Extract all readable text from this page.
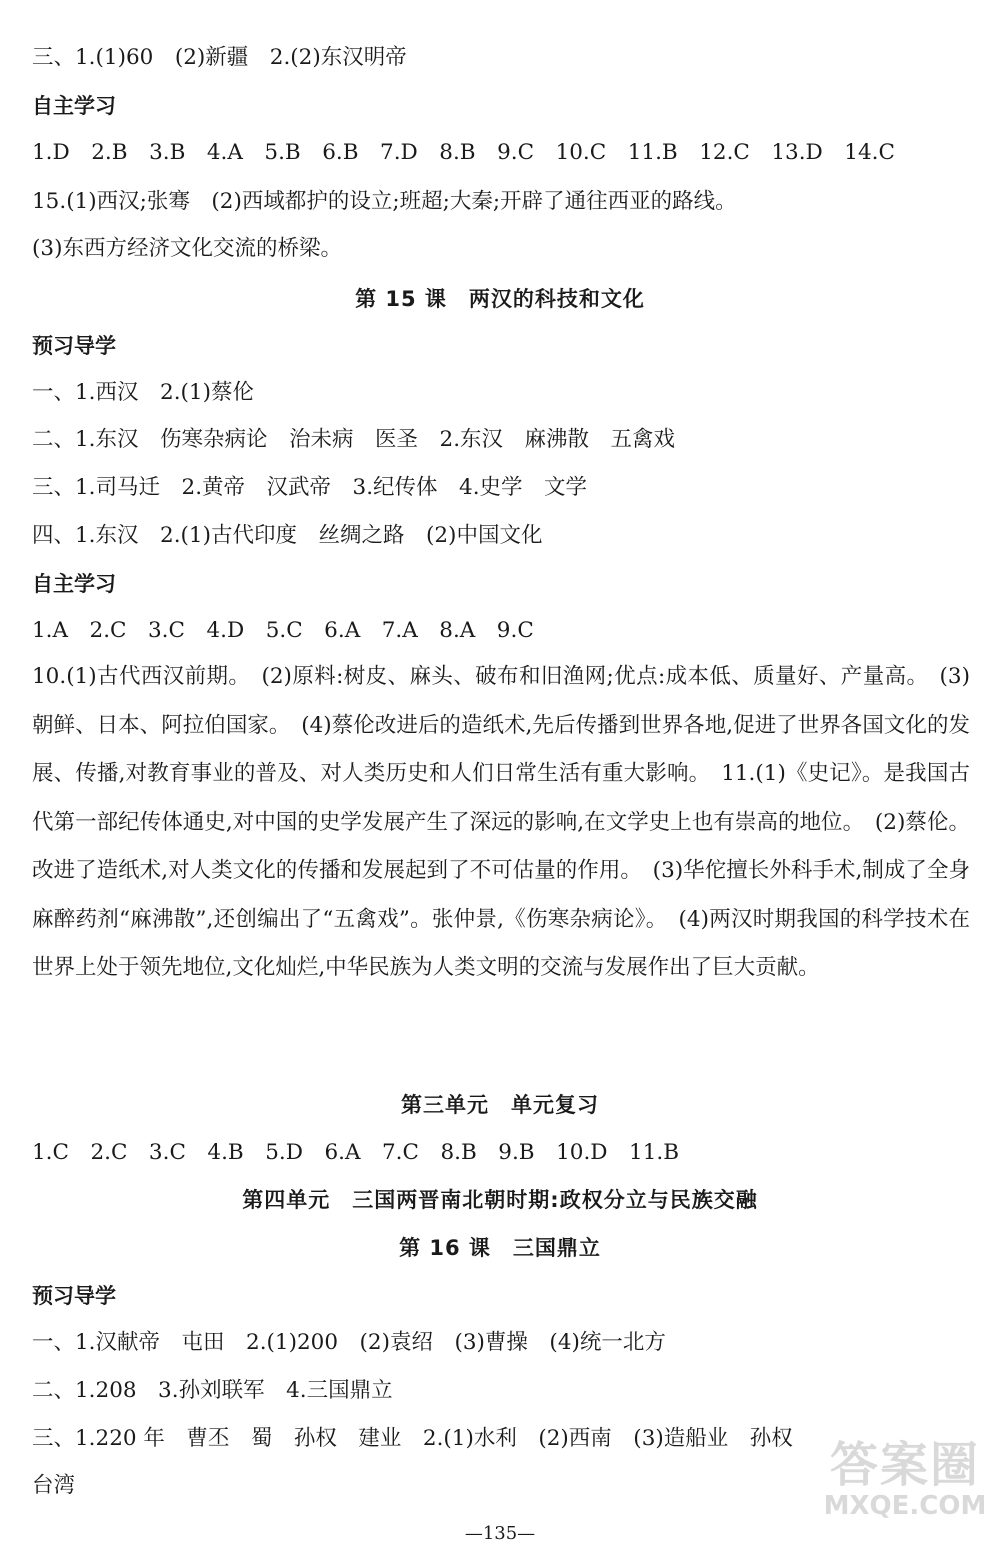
三、1.(1)60　(2)新疆　2.(2)东汉明帝
自主学习
1.D　2.B　3.B　4.A　5.B　6.B　7.D　8.B　9.C　10.C　11.B　12.C　13.D　14.C
15.(1)西汉;张骞　(2)西域都护的设立;班超;大秦;开辟了通往西亚的路线。
(3)东西方经济文化交流的桥梁。
第 15 课　两汉的科技和文化
预习导学
一、1.西汉　2.(1)蔡伦
二、1.东汉　伤寒杂病论　治未病　医圣　2.东汉　麻沸散　五禽戏
三、1.司马迁　2.黄帝　汉武帝　3.纪传体　4.史学　文学
四、1.东汉　2.(1)古代印度　丝绸之路　(2)中国文化
自主学习
1.A　2.C　3.C　4.D　5.C　6.A　7.A　8.A　9.C
10.(1)古代西汉前期。　(2)原料:树皮、麻头、破布和旧渔网;优点:成本低、质量好、产量高。　(3)朝鲜、日本、阿拉伯国家。　(4)蔡伦改进后的造纸术,先后传播到世界各地,促进了世界各国文化的发展、传播,对教育事业的普及、对人类历史和人们日常生活有重大影响。　11.(1)《史记》。是我国古代第一部纪传体通史,对中国的史学发展产生了深远的影响,在文学史上也有崇高的地位。　(2)蔡伦。改进了造纸术,对人类文化的传播和发展起到了不可估量的作用。　(3)华佗擅长外科手术,制成了全身麻醉药剂“麻沸散”,还创编出了“五禽戏”。张仲景,《伤寒杂病论》。　(4)两汉时期我国的科学技术在世界上处于领先地位,文化灿烂,中华民族为人类文明的交流与发展作出了巨大贡献。
第三单元　单元复习
1.C　2.C　3.C　4.B　5.D　6.A　7.C　8.B　9.B　10.D　11.B
第四单元　三国两晋南北朝时期:政权分立与民族交融
第 16 课　三国鼎立
预习导学
一、1.汉献帝　屯田　2.(1)200　(2)袁绍　(3)曹操　(4)统一北方
二、1.208　3.孙刘联军　4.三国鼎立
三、1.220 年　曹丕　蜀　孙权　建业　2.(1)水利　(2)西南　(3)造船业　孙权
台湾
—135—
答案圈
MXQE.COM
